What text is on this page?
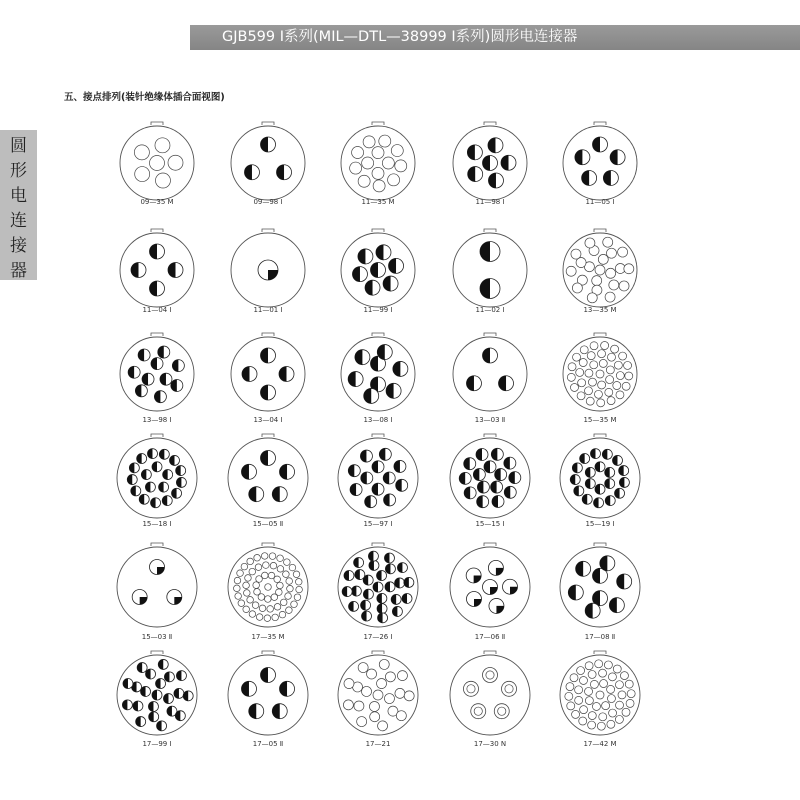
GJB599 Ⅰ系列(MIL—DTL—38999 Ⅰ系列)圆形电连接器
五、接点排列(装针绝缘体插合面视图)
圆
形
电
连
接
器
09—35 M	09—98 Ⅰ	11—35 M	11—98 Ⅰ	11—05 Ⅰ
11—04 Ⅰ	11—01 Ⅰ	11—99 Ⅰ	11—02 Ⅰ	13—35 M
13—98 Ⅰ	13—04 Ⅰ	13—08 Ⅰ	13—03 Ⅱ	15—35 M
15—18 Ⅰ	15—05 Ⅱ	15—97 Ⅰ	15—15 Ⅰ	15—19 Ⅰ
15—03 Ⅱ	17—35 M	17—26 Ⅰ	17—06 Ⅱ	17—08 Ⅱ
17—99 Ⅰ	17—05 Ⅱ	17—21	17—30 N	17—42 M
